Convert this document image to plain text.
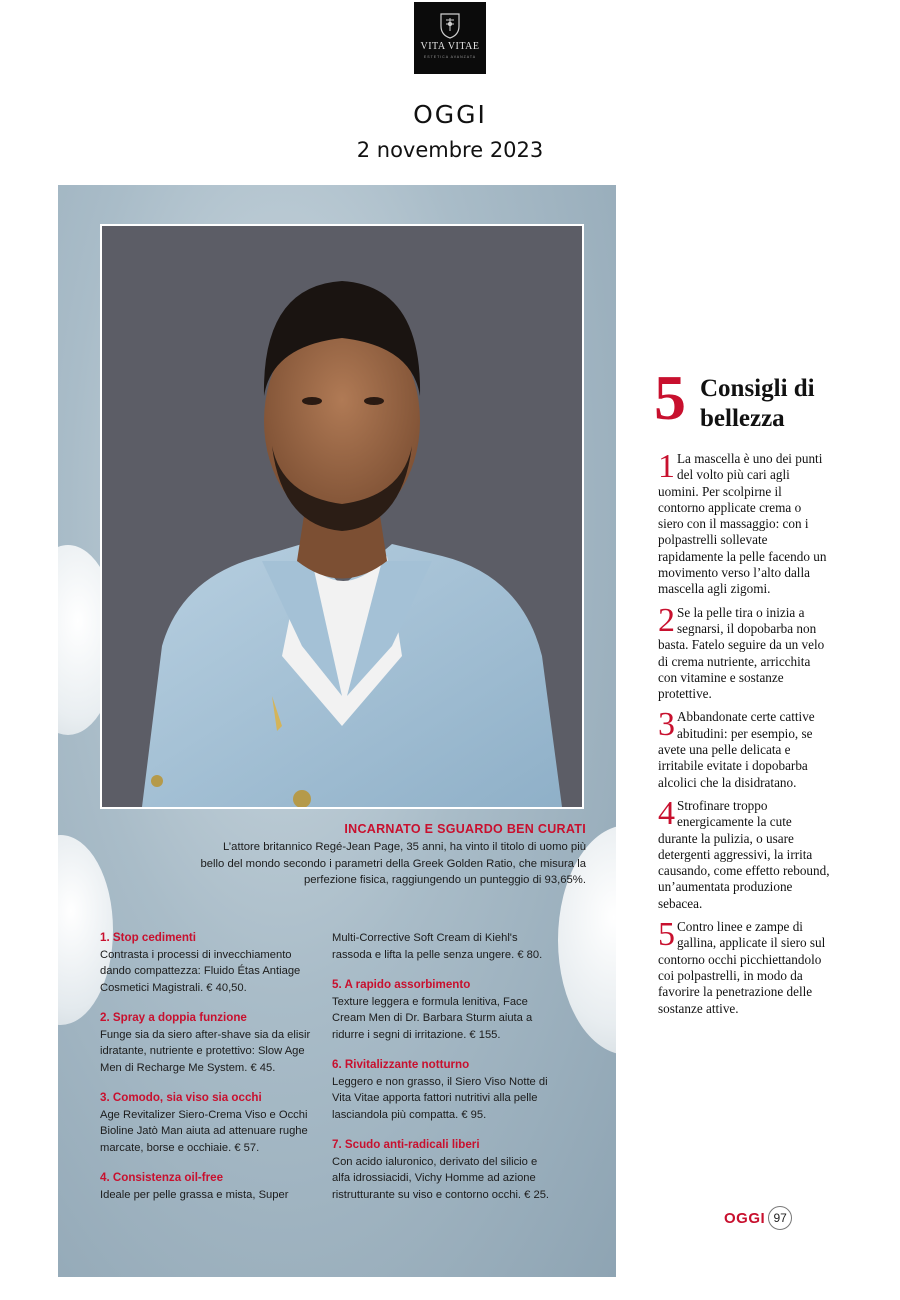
VITA VITAE
ESTETICA AVANZATA
OGGI
2 novembre 2023
INCARNATO E SGUARDO BEN CURATI
L’attore britannico Regé-Jean Page, 35 anni, ha vinto il titolo di uomo più bello del mondo secondo i parametri della Greek Golden Ratio, che misura la perfezione fisica, raggiungendo un punteggio di 93,65%.
1. Stop cedimenti
Contrasta i processi di invecchiamento dando compattezza: Fluido Étas Antiage Cosmetici Magistrali. € 40,50.
2. Spray a doppia funzione
Funge sia da siero after-shave sia da elisir idratante, nutriente e protettivo: Slow Age Men di Recharge Me System. € 45.
3. Comodo, sia viso sia occhi
Age Revitalizer Siero-Crema Viso e Occhi Bioline Jatò Man aiuta ad attenuare rughe marcate, borse e occhiaie. € 57.
4. Consistenza oil-free
Ideale per pelle grassa e mista, Super
Multi-Corrective Soft Cream di Kiehl's rassoda e lifta la pelle senza ungere. € 80.
5. A rapido assorbimento
Texture leggera e formula lenitiva, Face Cream Men di Dr. Barbara Sturm aiuta a ridurre i segni di irritazione. € 155.
6. Rivitalizzante notturno
Leggero e non grasso, il Siero Viso Notte di Vita Vitae apporta fattori nutritivi alla pelle lasciandola più compatta. € 95.
7. Scudo anti-radicali liberi
Con acido ialuronico, derivato del silicio e alfa idrossiacidi, Vichy Homme ad azione ristrutturante su viso e contorno occhi. € 25.
5 Consigli di bellezza
1 La mascella è uno dei punti del volto più cari agli uomini. Per scolpirne il contorno applicate crema o siero con il massaggio: con i polpastrelli sollevate rapidamente la pelle facendo un movimento verso l’alto dalla mascella agli zigomi.
2 Se la pelle tira o inizia a segnarsi, il dopobarba non basta. Fatelo seguire da un velo di crema nutriente, arricchita con vitamine e sostanze protettive.
3 Abbandonate certe cattive abitudini: per esempio, se avete una pelle delicata e irritabile evitate i dopobarba alcolici che la disidratano.
4 Strofinare troppo energicamente la cute durante la pulizia, o usare detergenti aggressivi, la irrita causando, come effetto rebound, un’aumentata produzione sebacea.
5 Contro linee e zampe di gallina, applicate il siero sul contorno occhi picchiettandolo coi polpastrelli, in modo da favorire la penetrazione delle sostanze attive.
OGGI 97
